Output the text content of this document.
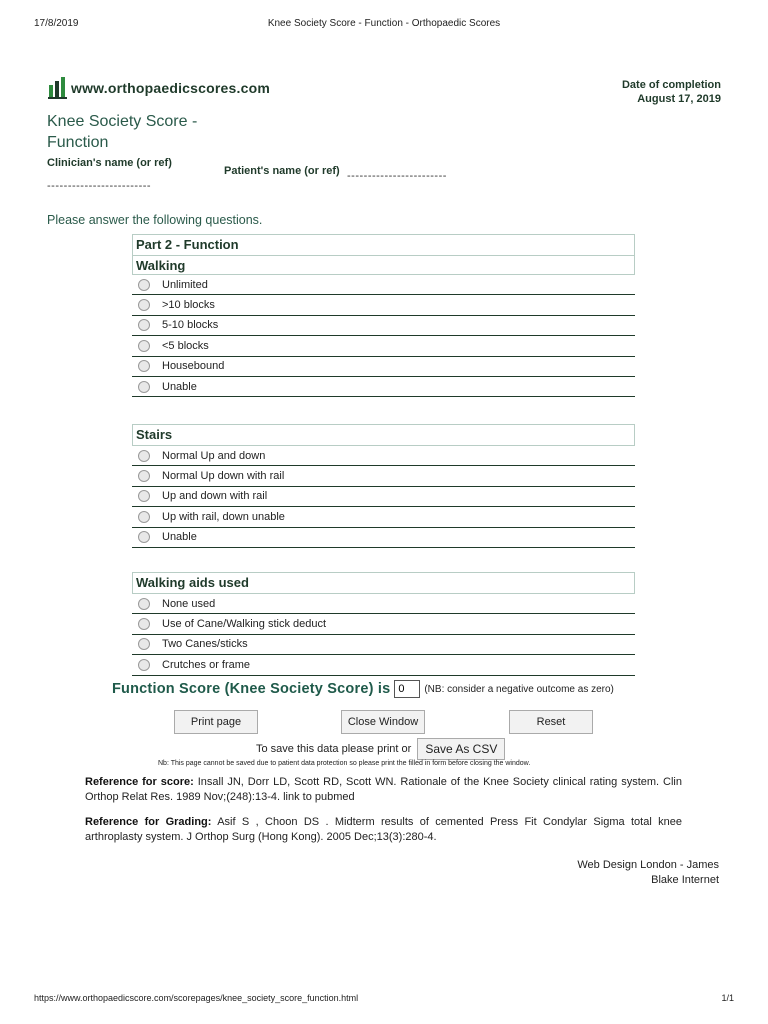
17/8/2019	Knee Society Score - Function - Orthopaedic Scores
www.orthopaedicscores.com	Date of completion
August 17, 2019
Knee Society Score - Function
Clinician's name (or ref)
-------------------------
Patient's name (or ref) ------------------------
Please answer the following questions.
Part 2 - Function
Walking
Unlimited
>10 blocks
5-10 blocks
<5 blocks
Housebound
Unable
Stairs
Normal Up and down
Normal Up down with rail
Up and down with rail
Up with rail, down unable
Unable
Walking aids used
None used
Use of Cane/Walking stick deduct
Two Canes/sticks
Crutches or frame
Function Score (Knee Society Score) is
0	(NB: consider a negative outcome as zero)
Print page	Close Window	Reset
To save this data please print or	Save As CSV
Nb: This page cannot be saved due to patient data protection so please print the filled in form before closing the window.
Reference for score: Insall JN, Dorr LD, Scott RD, Scott WN. Rationale of the Knee Society clinical rating system. Clin Orthop Relat Res. 1989 Nov;(248):13-4. link to pubmed
Reference for Grading: Asif S , Choon DS . Midterm results of cemented Press Fit Condylar Sigma total knee arthroplasty system. J Orthop Surg (Hong Kong). 2005 Dec;13(3):280-4.
Web Design London - James
Blake Internet
https://www.orthopaedicscore.com/scorepages/knee_society_score_function.html	1/1
